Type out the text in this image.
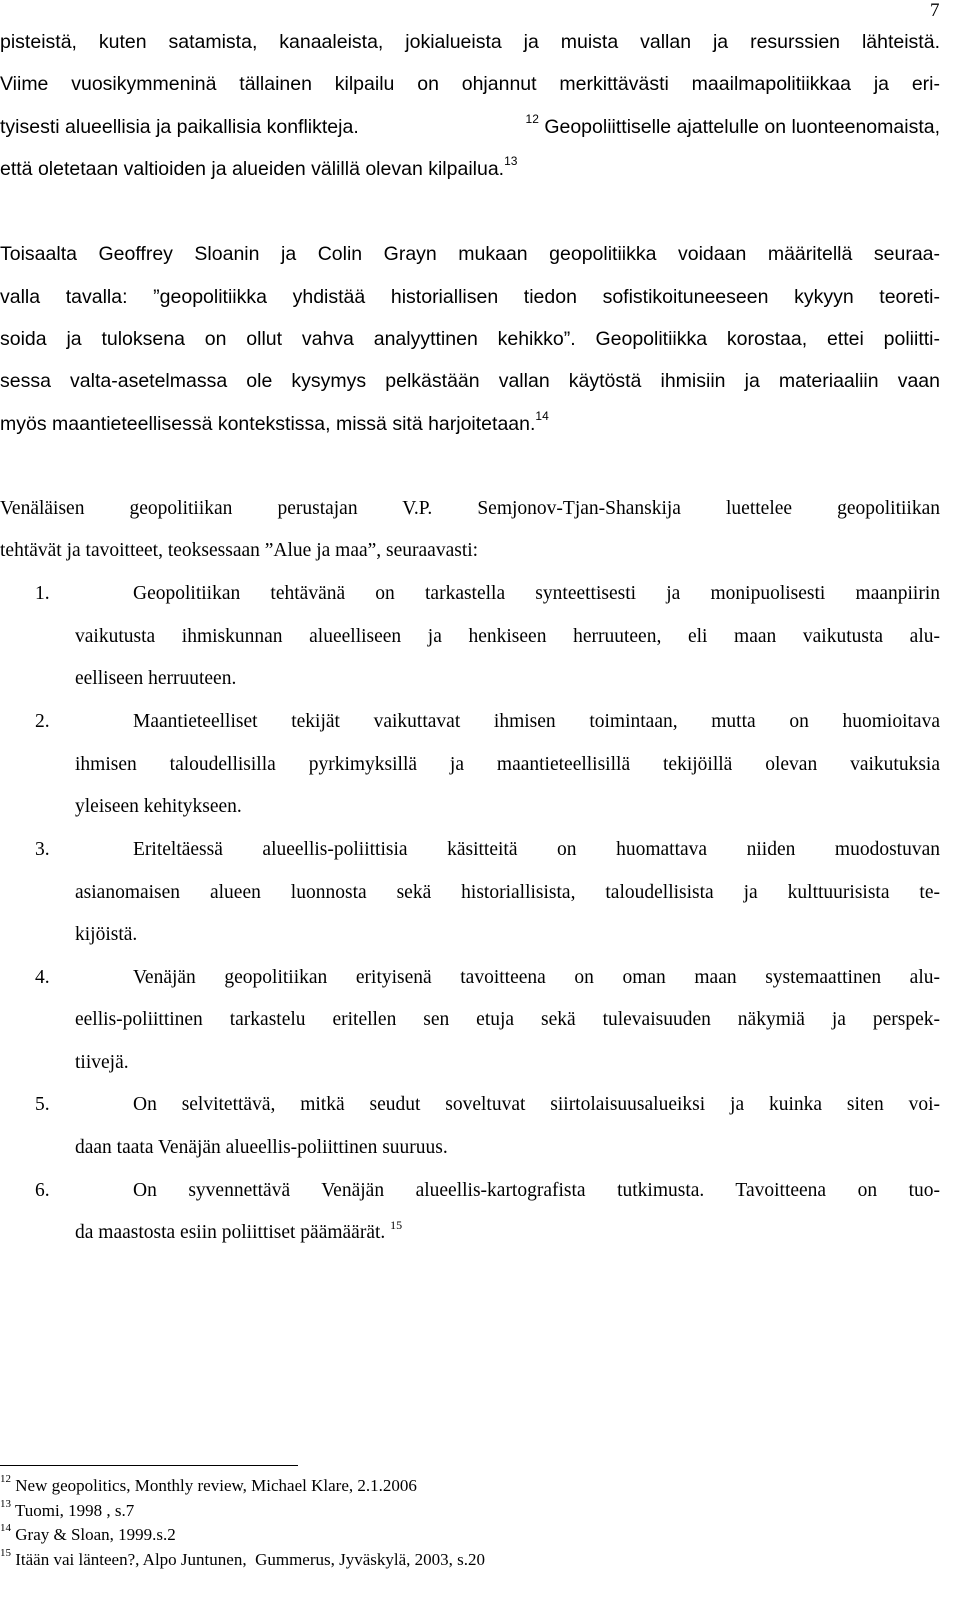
7
pisteistä, kuten satamista, kanaaleista, jokialueista ja muista vallan ja resurssien lähteistä.
Viime vuosikymmeninä tällainen kilpailu on ohjannut merkittävästi maailmapolitiikkaa ja eri-
tyisesti alueellisia ja paikallisia konflikteja.	$^{12}$ Geopoliittiselle ajattelulle on luonteenomaista,
että oletetaan valtioiden ja alueiden välillä olevan kilpailua.$^{13}$
Toisaalta Geoffrey Sloanin ja Colin Grayn mukaan geopolitiikka voidaan määritellä seuraa-
valla tavalla: ”geopolitiikka yhdistää historiallisen tiedon sofistikoituneeseen kykyyn teoreti-
soida ja tuloksena on ollut vahva analyyttinen kehikko”. Geopolitiikka korostaa, ettei poliitti-
sessa valta-asetelmassa ole kysymys pelkästään vallan käytöstä ihmisiin ja materiaaliin vaan
myös maantieteellisessä kontekstissa, missä sitä harjoitetaan.$^{14}$
Venäläisen geopolitiikan perustajan V.P. Semjonov-Tjan-Shanskija luettelee geopolitiikan
tehtävät ja tavoitteet, teoksessaan ”Alue ja maa”, seuraavasti:
1.	Geopolitiikan tehtävänä on tarkastella synteettisesti ja monipuolisesti maanpiirin
vaikutusta ihmiskunnan alueelliseen ja henkiseen herruuteen, eli maan vaikutusta alu-
eelliseen herruuteen.
2.	Maantieteelliset tekijät vaikuttavat ihmisen toimintaan, mutta on huomioitava
ihmisen taloudellisilla pyrkimyksillä ja maantieteellisillä tekijöillä olevan vaikutuksia
yleiseen kehitykseen.
3.	Eriteltäessä alueellis-poliittisia käsitteitä on huomattava niiden muodostuvan
asianomaisen alueen luonnosta sekä historiallisista, taloudellisista ja kulttuurisista te-
kijöistä.
4.	Venäjän geopolitiikan erityisenä tavoitteena on oman maan systemaattinen alu-
eellis-poliittinen tarkastelu eritellen sen etuja sekä tulevaisuuden näkymiä ja perspek-
tiivejä.
5.	On selvitettävä, mitkä seudut soveltuvat siirtolaisuusalueiksi ja kuinka siten voi-
daan taata Venäjän alueellis-poliittinen suuruus.
6.	On syvennettävä Venäjän alueellis-kartografista tutkimusta. Tavoitteena on tuo-
da maastosta esiin poliittiset päämäärät. $^{15}$
$^{12}$ New geopolitics, Monthly review, Michael Klare, 2.1.2006
$^{13}$ Tuomi, 1998 , s.7
$^{14}$ Gray & Sloan, 1999.s.2
$^{15}$ Itään vai länteen?, Alpo Juntunen,  Gummerus, Jyväskylä, 2003, s.20
